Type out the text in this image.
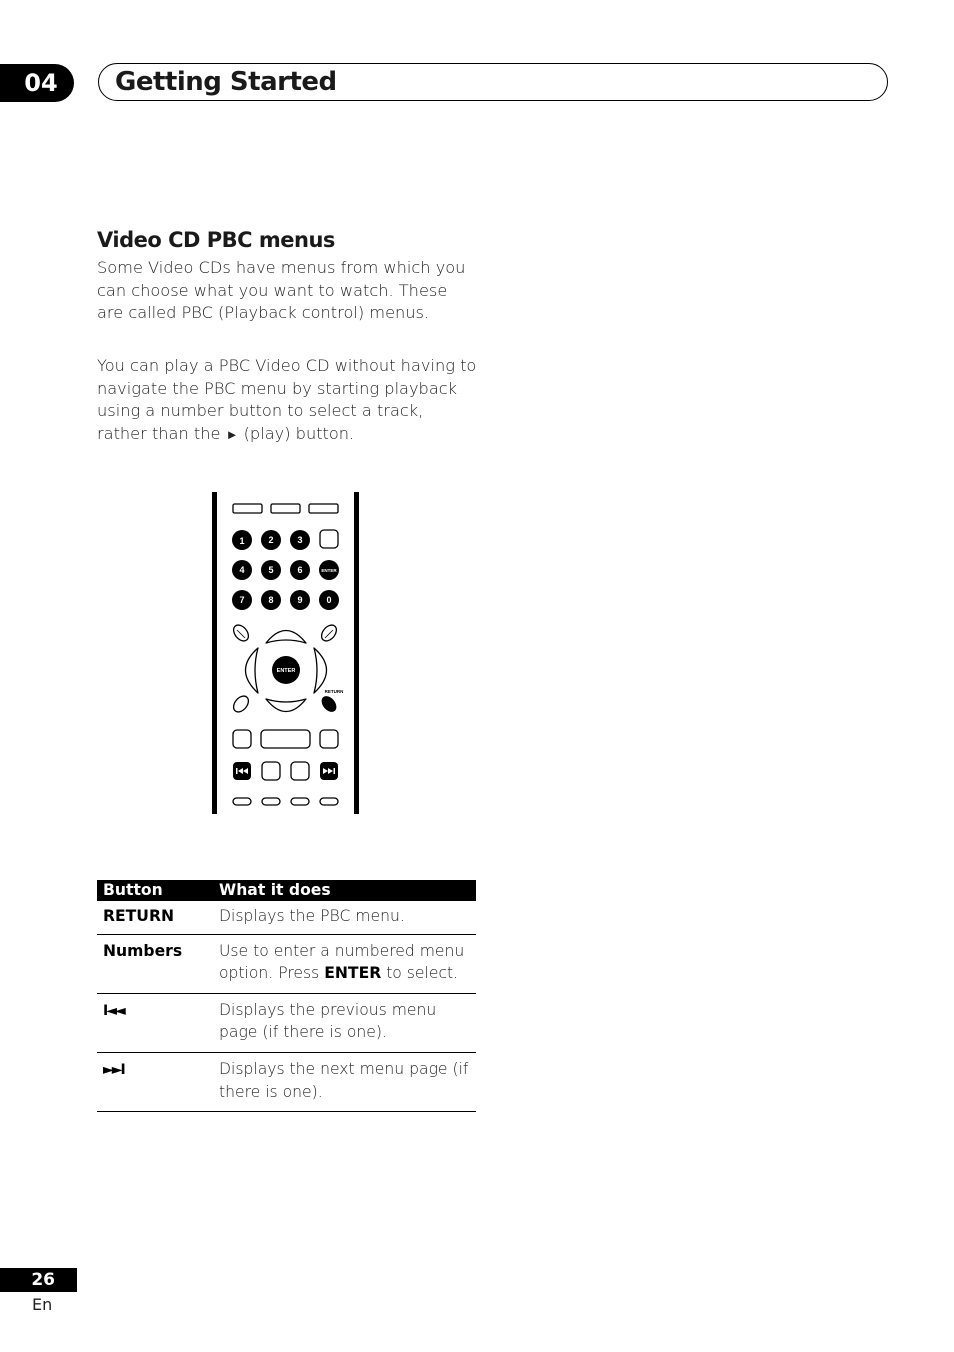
04	Getting Started
Video CD PBC menus

Some Video CDs have menus from which you can choose what you want to watch. These are called PBC (Playback control) menus.

You can play a PBC Video CD without having to navigate the PBC menu by starting playback using a number button to select a track, rather than the ► (play) button.

1	2	3
4	5	6
7	8	9	0
ENTER
ENTER
RETURN
Button	What it does
RETURN	Displays the PBC menu.
Numbers	Use to enter a numbered menu option. Press ENTER to select.
I◄◄	Displays the previous menu page (if there is one).
►►I	Displays the next menu page (if there is one).
26
En
